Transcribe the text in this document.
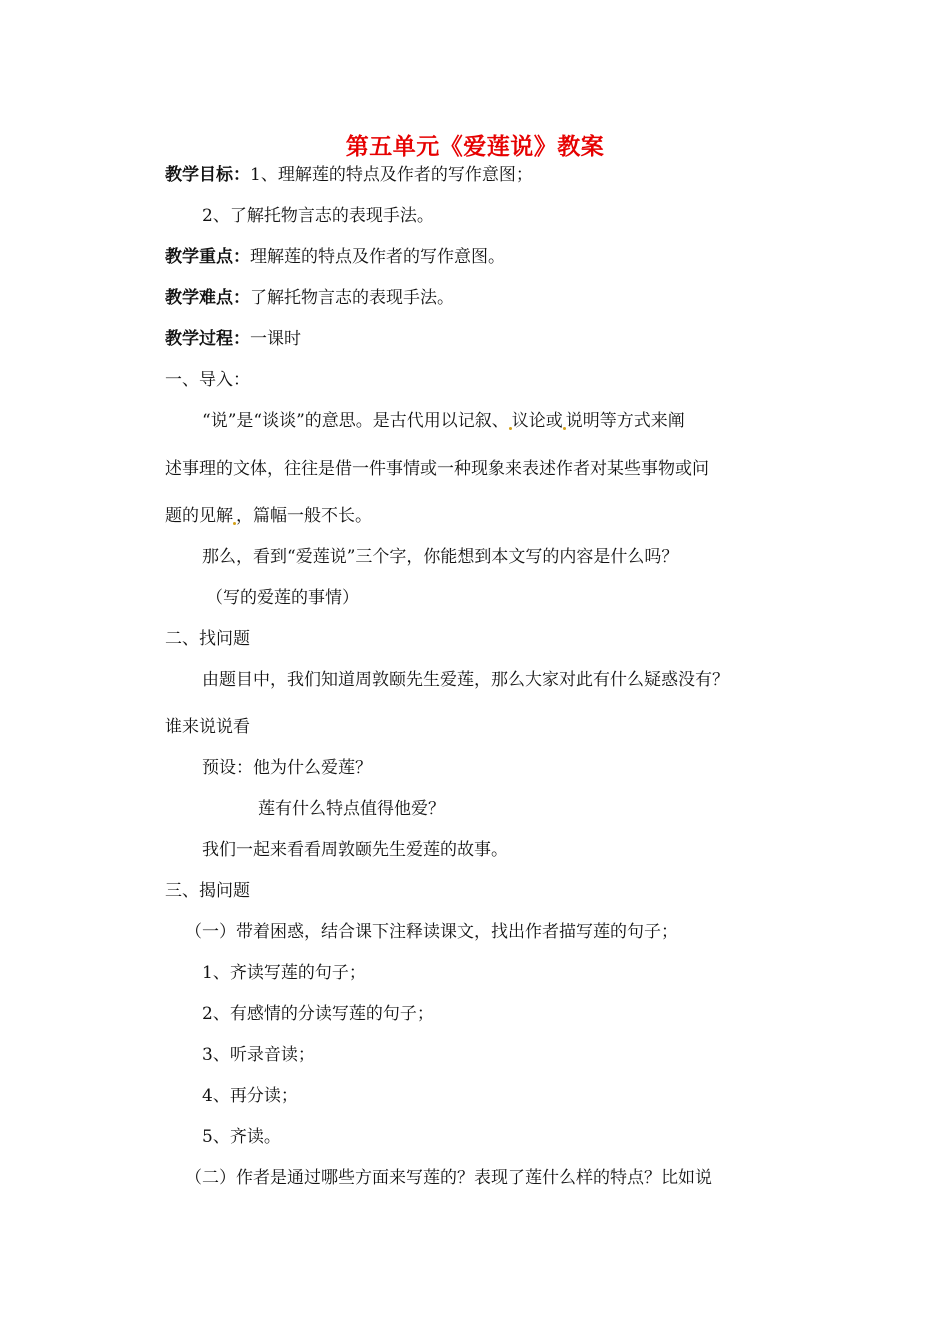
第五单元《爱莲说》教案
教学目标：1、理解莲的特点及作者的写作意图；
2、了解托物言志的表现手法。
教学重点：理解莲的特点及作者的写作意图。
教学难点：了解托物言志的表现手法。
教学过程：一课时
一、导入：
“说”是“谈谈”的意思。是古代用以记叙、 议论或 说明等方式来阐
述事理的文体，往往是借一件事情或一种现象来表述作者对某些事物或问
题的见解 ，篇幅一般不长。
那么，看到“爱莲说”三个字，你能想到本文写的内容是什么吗？
（写的爱莲的事情）
二、找问题
由题目中，我们知道周敦颐先生爱莲，那么大家对此有什么疑惑没有？
谁来说说看
预设：他为什么爱莲？
莲有什么特点值得他爱？
我们一起来看看周敦颐先生爱莲的故事。
三、揭问题
（一）带着困惑，结合课下注释读课文，找出作者描写莲的句子；
1、齐读写莲的句子；
2、有感情的分读写莲的句子；
3、听录音读；
4、再分读；
5、齐读。
（二）作者是通过哪些方面来写莲的？表现了莲什么样的特点？比如说
